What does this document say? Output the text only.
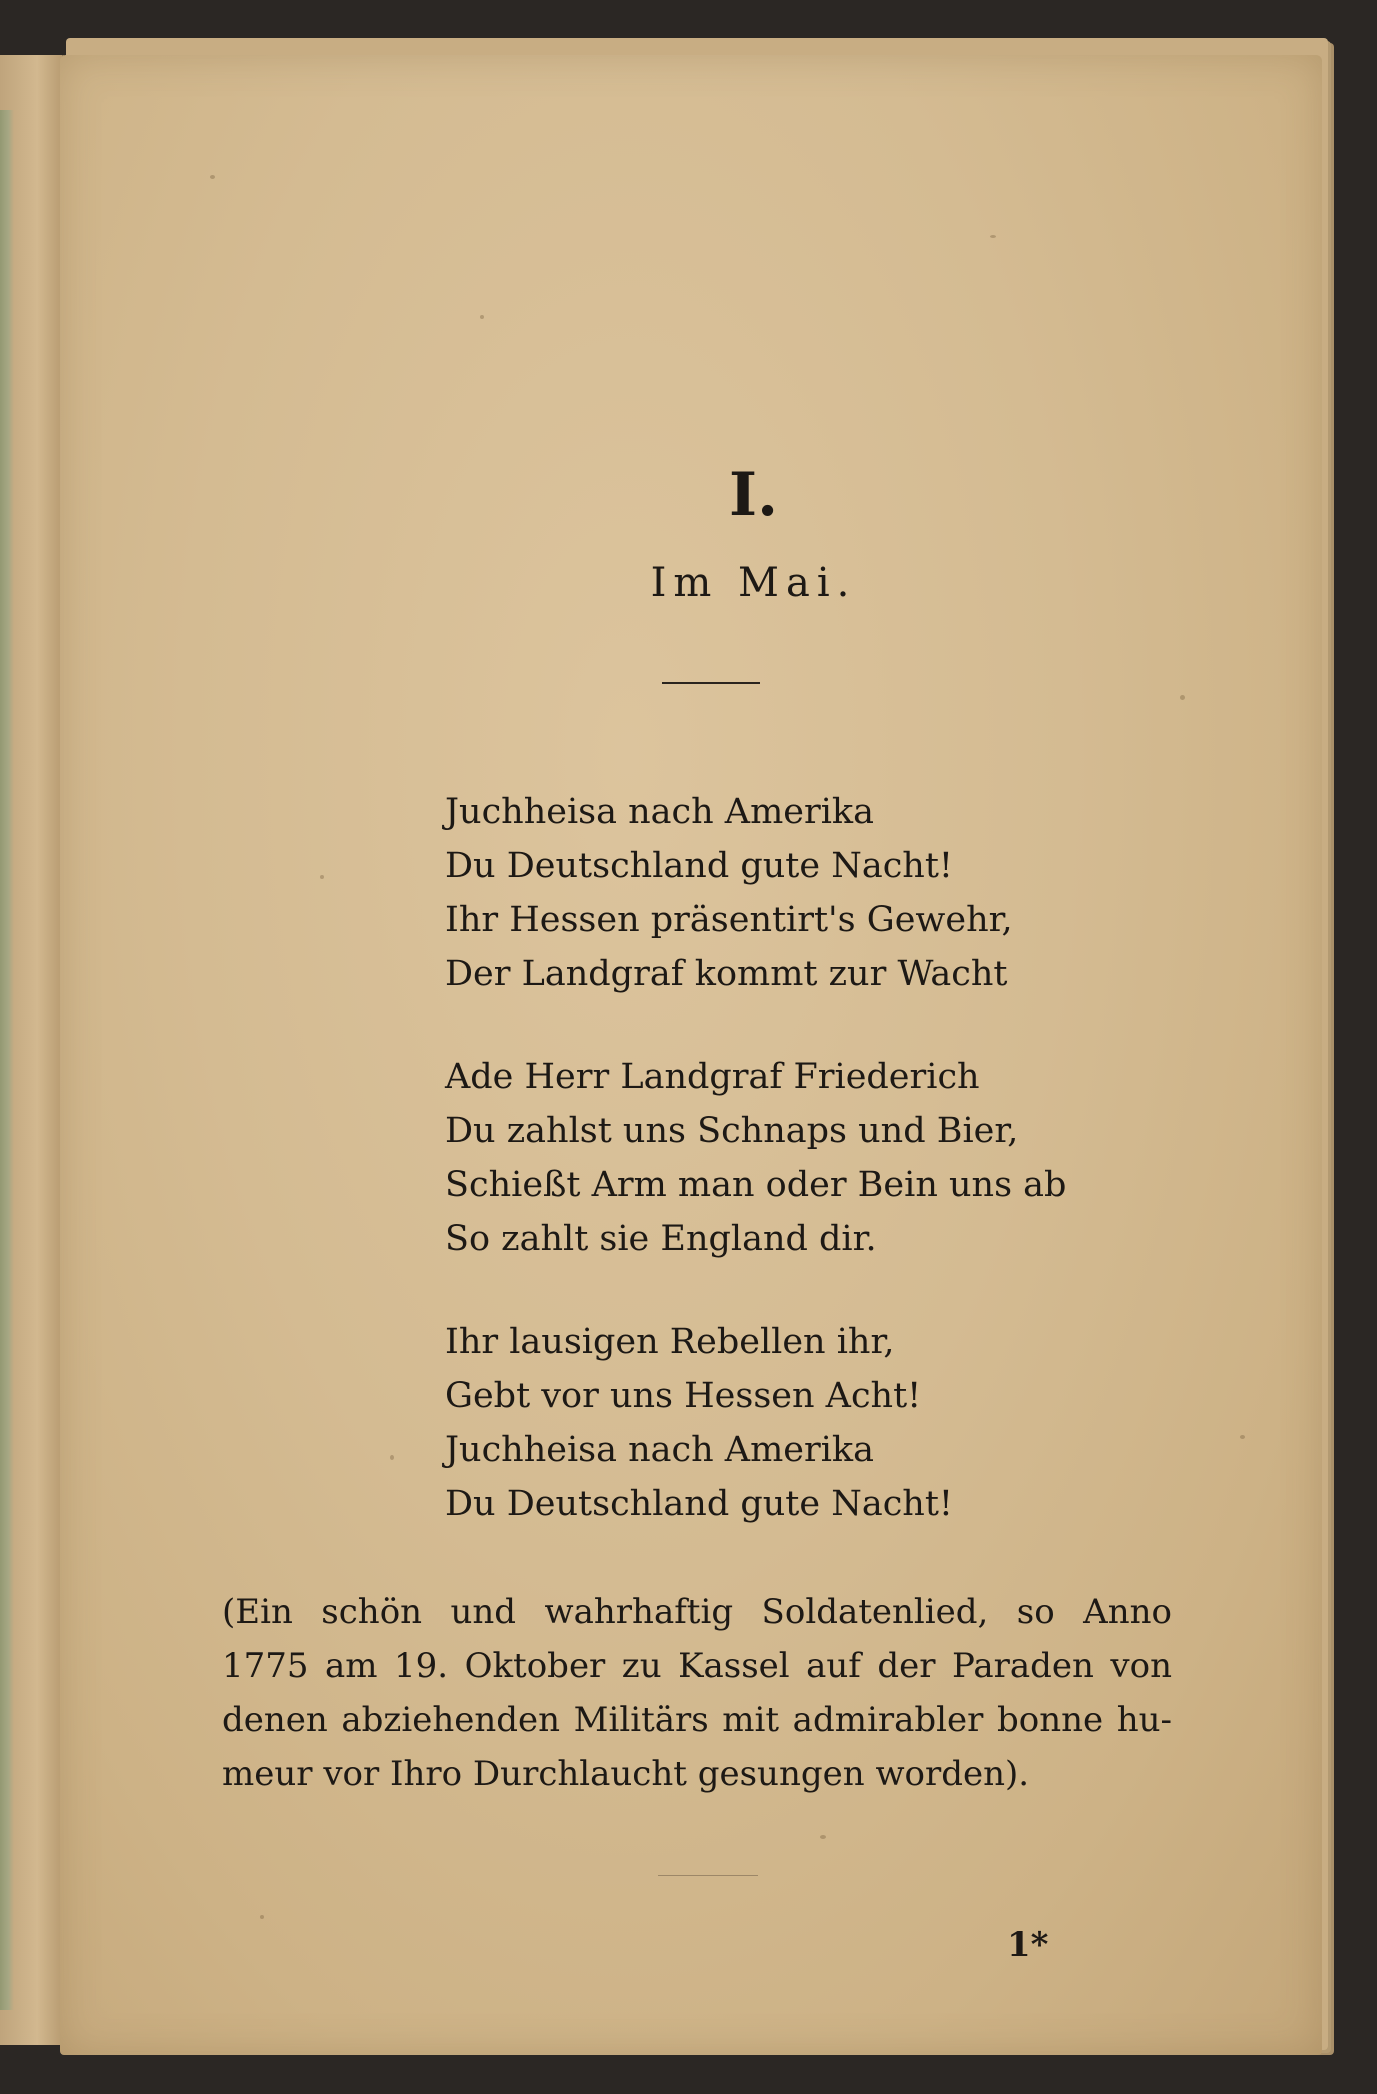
I.
Im Mai.
Juchheisa nach Amerika
Du Deutschland gute Nacht!
Ihr Hessen präsentirt's Gewehr,
Der Landgraf kommt zur Wacht
Ade Herr Landgraf Friederich
Du zahlst uns Schnaps und Bier,
Schießt Arm man oder Bein uns ab
So zahlt sie England dir.
Ihr lausigen Rebellen ihr,
Gebt vor uns Hessen Acht!
Juchheisa nach Amerika
Du Deutschland gute Nacht!
(Ein schön und wahrhaftig Soldatenlied, so Anno
1775 am 19. Oktober zu Kassel auf der Paraden von
denen abziehenden Militärs mit admirabler bonne hu-
meur vor Ihro Durchlaucht gesungen worden).
1*
